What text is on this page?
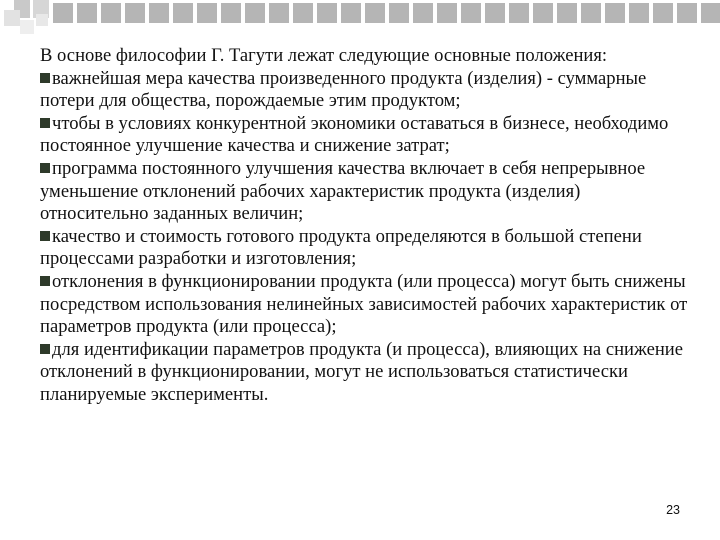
В основе философии Г. Тагути лежат следующие основные положения:

важнейшая мера качества произведенного продукта (изделия) - суммарные потери для общества, порождаемые этим продуктом;

чтобы в условиях конкурентной экономики оставаться в бизнесе, необходимо постоянное улучшение качества и снижение затрат;

программа постоянного улучшения качества включает в себя непрерывное уменьшение отклонений рабочих характеристик продукта (изделия) относительно заданных величин;

качество и стоимость готового продукта определяются в большой степени процессами разработки и изготовления;

отклонения в функционировании продукта (или процесса) могут быть снижены посредством использования нелинейных зависимостей рабочих характеристик от параметров продукта (или процесса);

для идентификации параметров продукта (и процесса), влияющих на снижение отклонений в функционировании, могут не использоваться статистически планируемые эксперименты.

23
